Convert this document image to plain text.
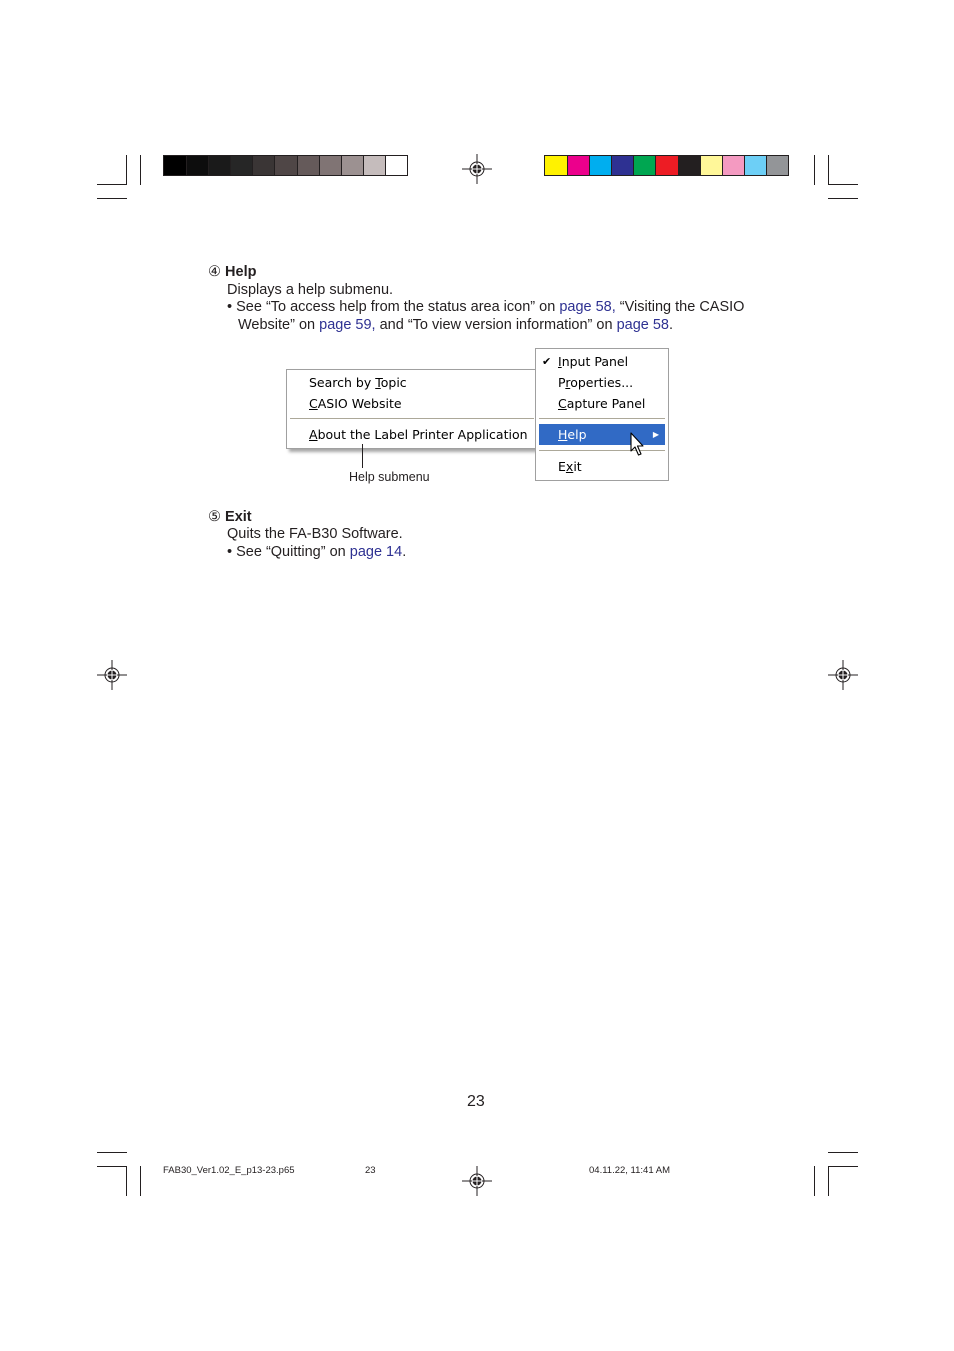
④ Help
Displays a help submenu.
• See “To access help from the status area icon” on page 58, “Visiting the CASIO
Website” on page 59, and “To view version information” on page 58.
Search by Topic
CASIO Website
About the Label Printer Application
Help submenu
✔ Input Panel
Properties...
Capture Panel
Help	▶
Exit
⑤ Exit
Quits the FA-B30 Software.
• See “Quitting” on page 14.
23
FAB30_Ver1.02_E_p13-23.p65	23	04.11.22, 11:41 AM
